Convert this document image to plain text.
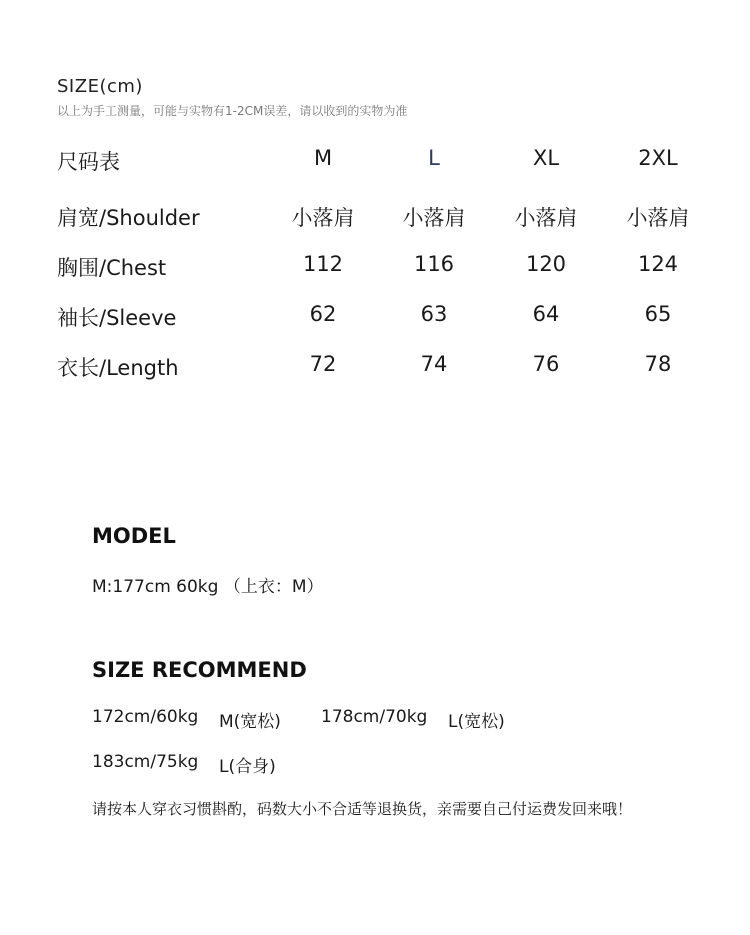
SIZE(cm)
以上为手工测量，可能与实物有1-2CM误差，请以收到的实物为准
尺码表	M	L	XL	2XL
肩宽/Shoulder	小落肩	小落肩	小落肩	小落肩
胸围/Chest	112	116	120	124
袖长/Sleeve	62	63	64	65
衣长/Length	72	74	76	78
MODEL
M:177cm 60kg （上衣：M）
SIZE RECOMMEND
172cm/60kg M(宽松) 178cm/70kg L(宽松)
183cm/75kg L(合身)
请按本人穿衣习惯斟酌，码数大小不合适等退换货，亲需要自己付运费发回来哦！
